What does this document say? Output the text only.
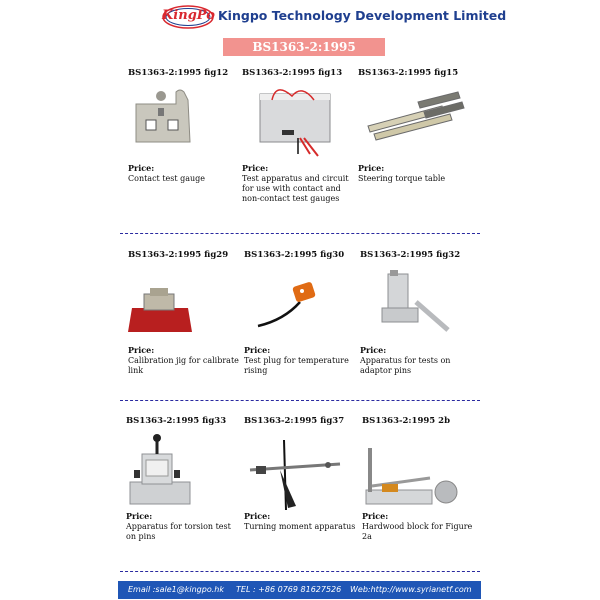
KingPo Kingpo Technology Development Limited
BS1363-2:1995
BS1363-2:1995 fig12
Price:
Contact test gauge
BS1363-2:1995 fig13
Price:
Test apparatus and circuit for use with contact and non-contact test gauges
BS1363-2:1995 fig15
Price:
Steering torque table
BS1363-2:1995 fig29
Price:
Calibration jig for calibrate link
BS1363-2:1995 fig30
Price:
Test plug for temperature rising
BS1363-2:1995 fig32
Price:
Apparatus for tests on adaptor pins
BS1363-2:1995 fig33
Price:
Apparatus for torsion test on pins
BS1363-2:1995 fig37
Price:
Turning moment apparatus
BS1363-2:1995 2b
Price:
Hardwood block for Figure 2a
Email :sale1@kingpo.hk TEL : +86 0769 81627526 Web:http://www.syrianetf.com
